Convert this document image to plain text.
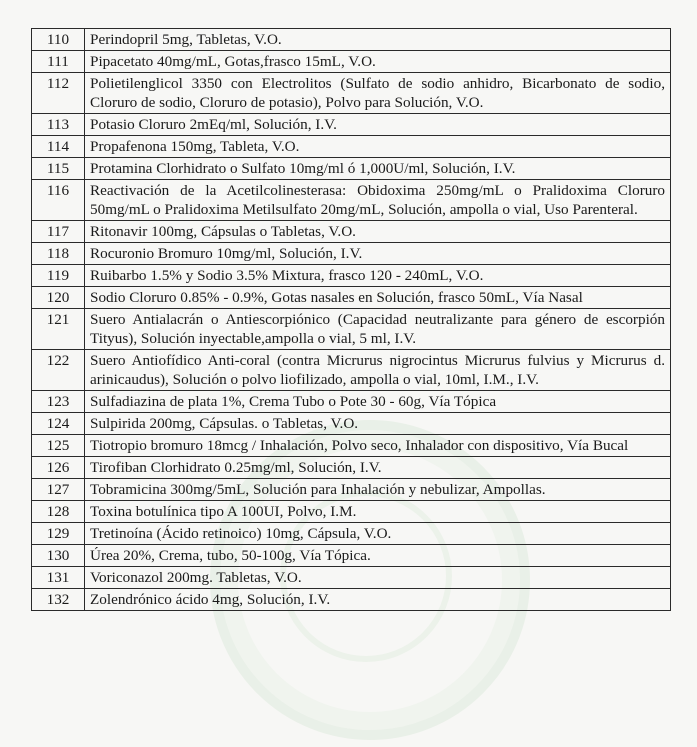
110	Perindopril 5mg, Tabletas, V.O.
111	Pipacetato 40mg/mL, Gotas,frasco 15mL, V.O.
112	Polietilenglicol 3350 con Electrolitos (Sulfato de sodio anhidro, Bicarbonato de sodio, Cloruro de sodio, Cloruro de potasio), Polvo para Solución, V.O.
113	Potasio Cloruro 2mEq/ml, Solución, I.V.
114	Propafenona 150mg, Tableta, V.O.
115	Protamina Clorhidrato o Sulfato 10mg/ml ó 1,000U/ml, Solución, I.V.
116	Reactivación de la Acetilcolinesterasa: Obidoxima 250mg/mL o Pralidoxima Cloruro 50mg/mL o Pralidoxima Metilsulfato 20mg/mL, Solución, ampolla o vial, Uso Parenteral.
117	Ritonavir 100mg, Cápsulas o Tabletas, V.O.
118	Rocuronio Bromuro 10mg/ml, Solución, I.V.
119	Ruibarbo 1.5% y Sodio 3.5% Mixtura, frasco 120 - 240mL, V.O.
120	Sodio Cloruro 0.85% - 0.9%, Gotas nasales en Solución, frasco 50mL, Vía Nasal
121	Suero Antialacrán o Antiescorpiónico (Capacidad neutralizante para género de escorpión Tityus), Solución inyectable,ampolla o vial, 5 ml, I.V.
122	Suero Antiofídico Anti-coral (contra Micrurus nigrocintus Micrurus fulvius y Micrurus d. arinicaudus), Solución o polvo liofilizado, ampolla o vial, 10ml, I.M., I.V.
123	Sulfadiazina de plata 1%, Crema Tubo o Pote 30 - 60g, Vía Tópica
124	Sulpirida 200mg, Cápsulas. o Tabletas, V.O.
125	Tiotropio bromuro 18mcg / Inhalación, Polvo seco, Inhalador con dispositivo, Vía Bucal
126	Tirofiban Clorhidrato 0.25mg/ml, Solución, I.V.
127	Tobramicina 300mg/5mL, Solución para Inhalación y nebulizar, Ampollas.
128	Toxina botulínica tipo A 100UI, Polvo, I.M.
129	Tretinoína (Ácido retinoico) 10mg, Cápsula, V.O.
130	Úrea 20%, Crema, tubo, 50-100g, Vía Tópica.
131	Voriconazol 200mg. Tabletas, V.O.
132	Zolendrónico ácido 4mg, Solución, I.V.
